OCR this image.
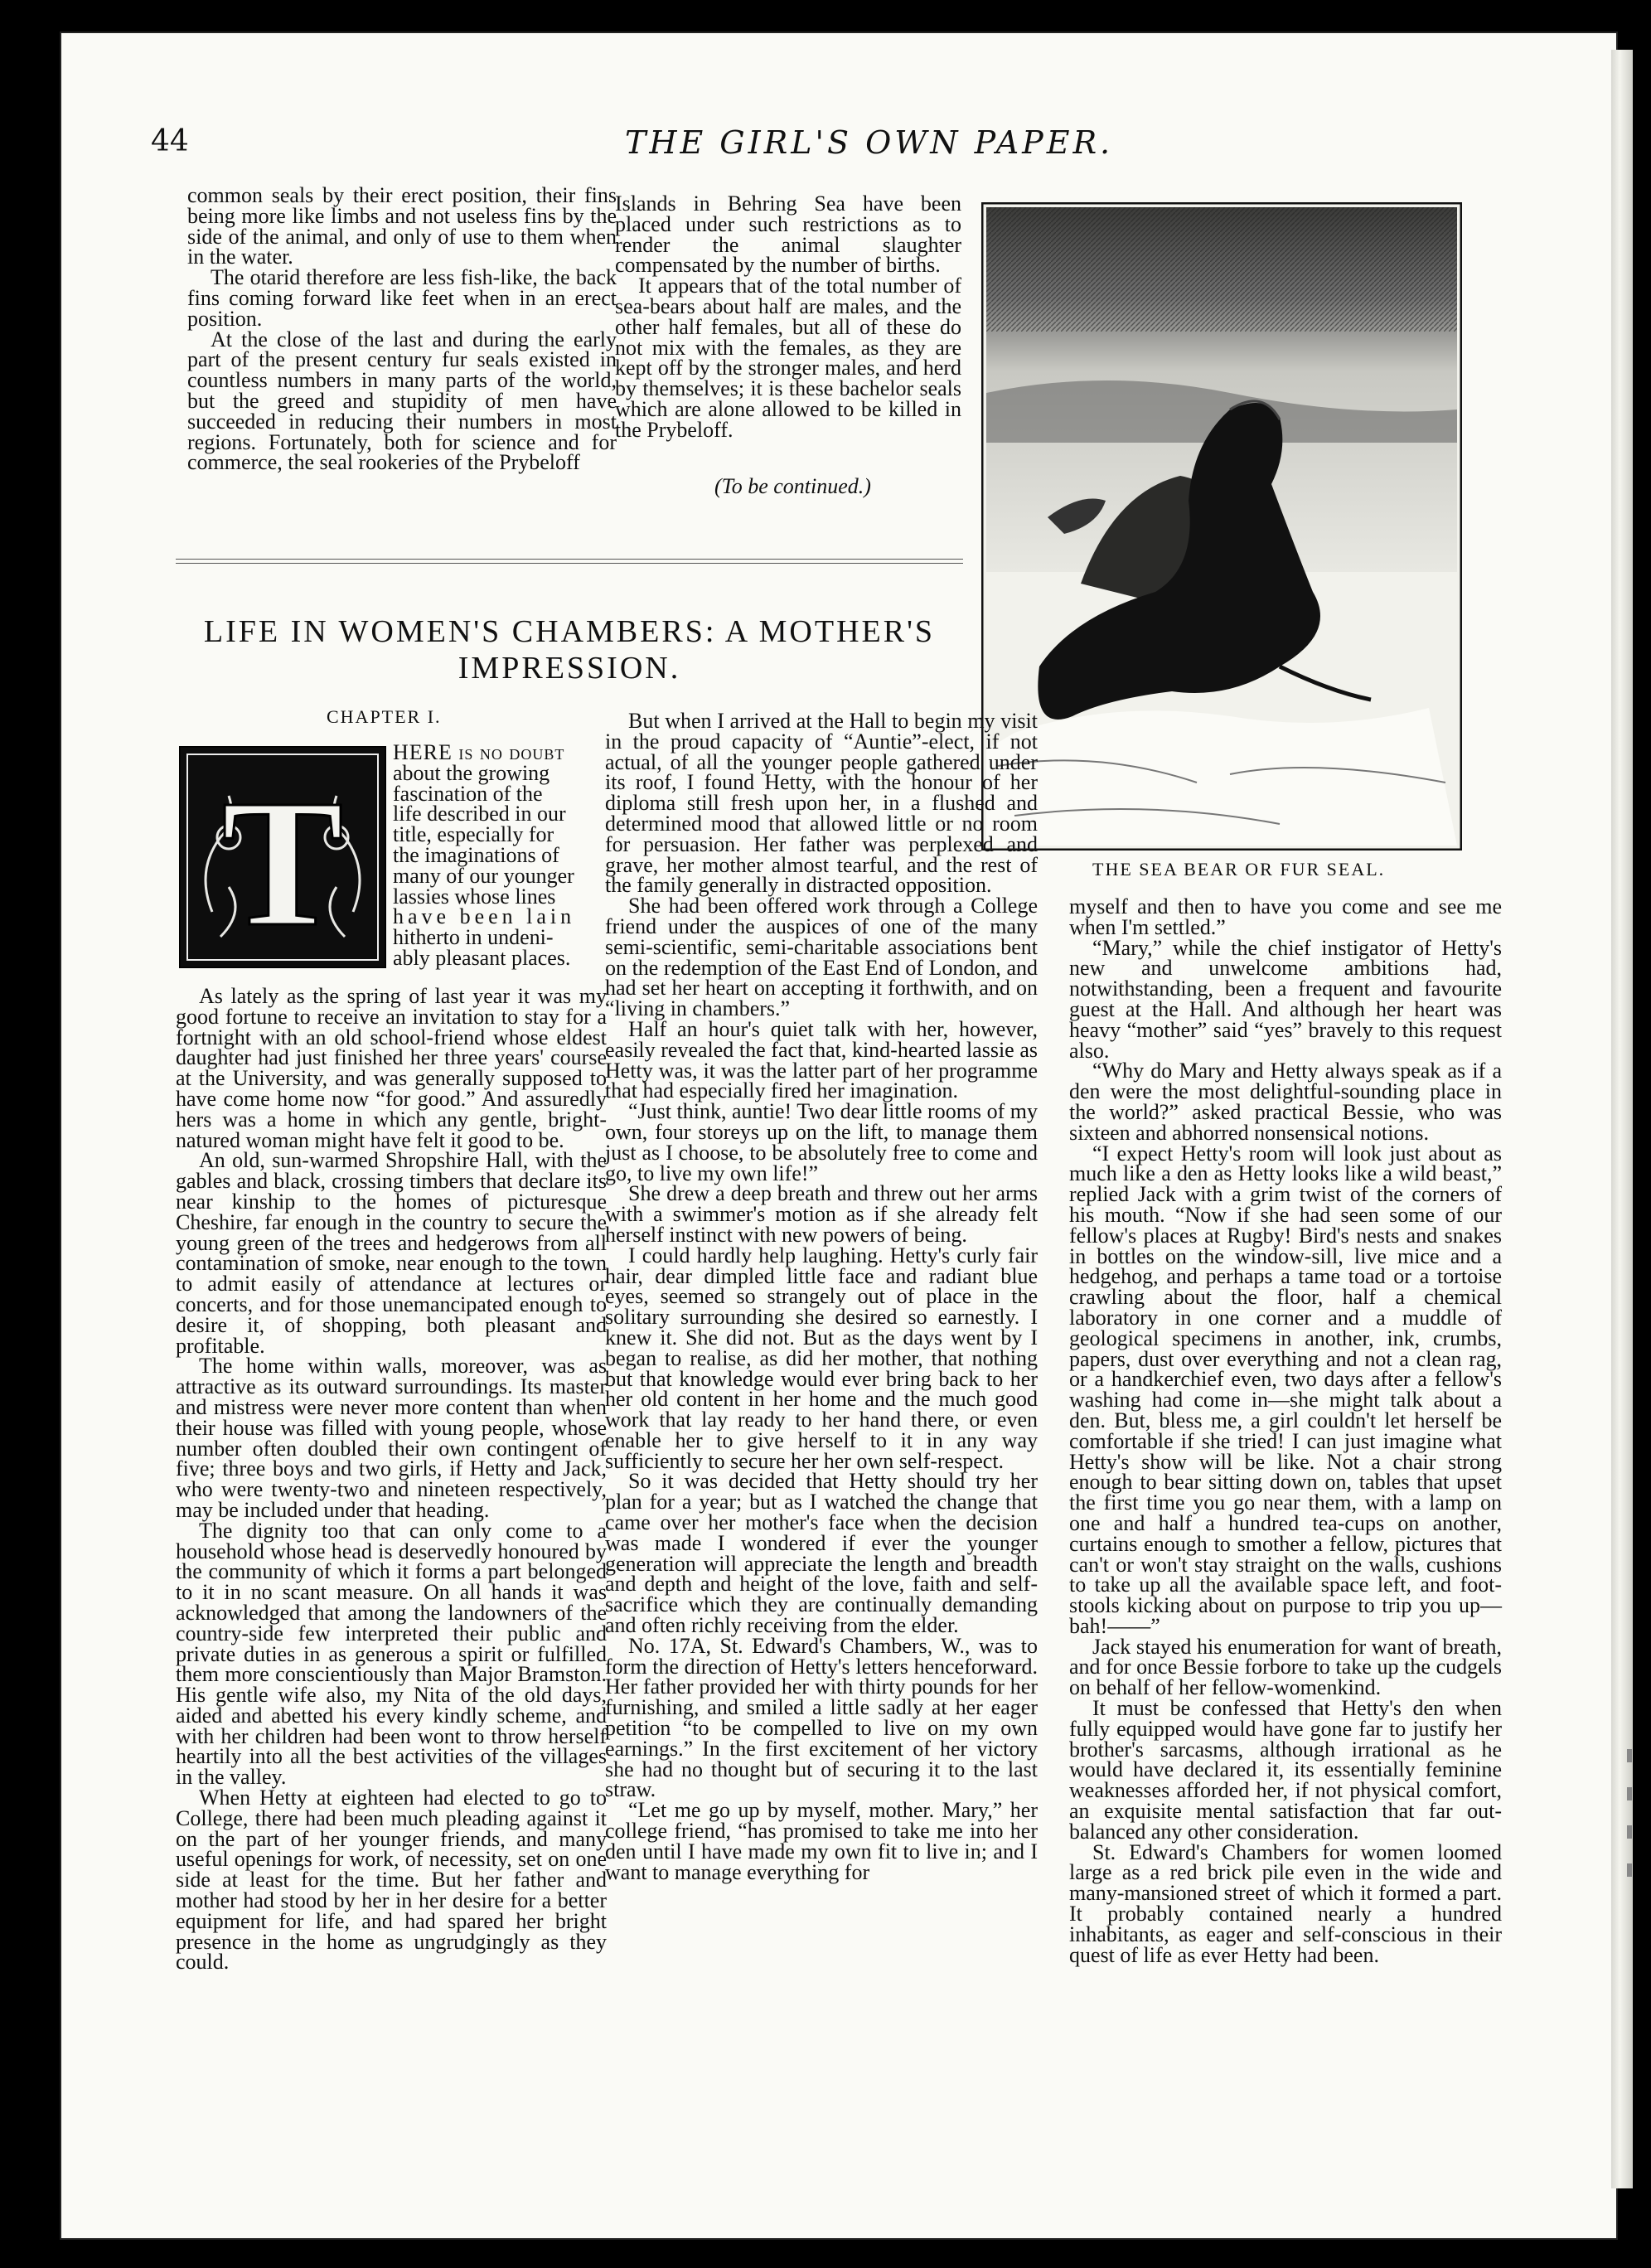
44	THE GIRL'S OWN PAPER.

common seals by their erect position, their fins being more like limbs and not useless fins by the side of the animal, and only of use to them when in the water.

The otarid therefore are less fish-like, the back fins coming forward like feet when in an erect position.

At the close of the last and during the early part of the present century fur seals existed in countless numbers in many parts of the world, but the greed and stupidity of men have succeeded in reducing their numbers in most regions. Fortunately, both for science and for commerce, the seal rookeries of the Prybeloff

Islands in Behring Sea have been placed under such restrictions as to render the animal slaughter compensated by the number of births.

It appears that of the total number of sea-bears about half are males, and the other half females, but all of these do not mix with the females, as they are kept off by the stronger males, and herd by themselves; it is these bachelor seals which are alone allowed to be killed in the Prybeloff.

(To be continued.)
THE SEA BEAR OR FUR SEAL.
LIFE IN WOMEN'S CHAMBERS: A MOTHER'S IMPRESSION.
CHAPTER I.
T
HERE is no doubt
about the growing
fascination of the
life described in our
title, especially for
the imaginations of
many of our younger
lassies whose lines
have been lain
hitherto in undeni-
ably pleasant places.

As lately as the spring of last year it was my good fortune to receive an invitation to stay for a fortnight with an old school-friend whose eldest daughter had just finished her three years' course at the University, and was generally supposed to have come home now “for good.” And assuredly hers was a home in which any gentle, bright-natured woman might have felt it good to be.

An old, sun-warmed Shropshire Hall, with the gables and black, crossing timbers that declare its near kinship to the homes of picturesque Cheshire, far enough in the country to secure the young green of the trees and hedgerows from all contamination of smoke, near enough to the town to admit easily of attendance at lectures or concerts, and for those unemancipated enough to desire it, of shopping, both pleasant and profitable.

The home within walls, moreover, was as attractive as its outward surroundings. Its master and mistress were never more content than when their house was filled with young people, whose number often doubled their own contingent of five; three boys and two girls, if Hetty and Jack, who were twenty-two and nineteen respectively, may be included under that heading.

The dignity too that can only come to a household whose head is deservedly honoured by the community of which it forms a part belonged to it in no scant measure. On all hands it was acknowledged that among the landowners of the country-side few interpreted their public and private duties in as generous a spirit or fulfilled them more conscientiously than Major Bramston. His gentle wife also, my Nita of the old days, aided and abetted his every kindly scheme, and with her children had been wont to throw herself heartily into all the best activities of the villages in the valley.

When Hetty at eighteen had elected to go to College, there had been much pleading against it on the part of her younger friends, and many useful openings for work, of necessity, set on one side at least for the time. But her father and mother had stood by her in her desire for a better equipment for life, and had spared her bright presence in the home as ungrudgingly as they could.

But when I arrived at the Hall to begin my visit in the proud capacity of “Auntie”-elect, if not actual, of all the younger people gathered under its roof, I found Hetty, with the honour of her diploma still fresh upon her, in a flushed and determined mood that allowed little or no room for persuasion. Her father was perplexed and grave, her mother almost tearful, and the rest of the family generally in distracted opposition.

She had been offered work through a College friend under the auspices of one of the many semi-scientific, semi-charitable associations bent on the redemption of the East End of London, and had set her heart on accepting it forthwith, and on “living in chambers.”

Half an hour's quiet talk with her, however, easily revealed the fact that, kind-hearted lassie as Hetty was, it was the latter part of her programme that had especially fired her imagination.

“Just think, auntie! Two dear little rooms of my own, four storeys up on the lift, to manage them just as I choose, to be absolutely free to come and go, to live my own life!”

She drew a deep breath and threw out her arms with a swimmer's motion as if she already felt herself instinct with new powers of being.

I could hardly help laughing. Hetty's curly fair hair, dear dimpled little face and radiant blue eyes, seemed so strangely out of place in the solitary surrounding she desired so earnestly. I knew it. She did not. But as the days went by I began to realise, as did her mother, that nothing but that knowledge would ever bring back to her her old content in her home and the much good work that lay ready to her hand there, or even enable her to give herself to it in any way sufficiently to secure her her own self-respect.

So it was decided that Hetty should try her plan for a year; but as I watched the change that came over her mother's face when the decision was made I wondered if ever the younger generation will appreciate the length and breadth and depth and height of the love, faith and self-sacrifice which they are continually demanding and often richly receiving from the elder.

No. 17A, St. Edward's Chambers, W., was to form the direction of Hetty's letters henceforward. Her father provided her with thirty pounds for her furnishing, and smiled a little sadly at her eager petition “to be compelled to live on my own earnings.” In the first excitement of her victory she had no thought but of securing it to the last straw.

“Let me go up by myself, mother. Mary,” her college friend, “has promised to take me into her den until I have made my own fit to live in; and I want to manage everything for

myself and then to have you come and see me when I'm settled.”

“Mary,” while the chief instigator of Hetty's new and unwelcome ambitions had, notwithstanding, been a frequent and favourite guest at the Hall. And although her heart was heavy “mother” said “yes” bravely to this request also.

“Why do Mary and Hetty always speak as if a den were the most delightful-sounding place in the world?” asked practical Bessie, who was sixteen and abhorred nonsensical notions.

“I expect Hetty's room will look just about as much like a den as Hetty looks like a wild beast,” replied Jack with a grim twist of the corners of his mouth. “Now if she had seen some of our fellow's places at Rugby! Bird's nests and snakes in bottles on the window-sill, live mice and a hedgehog, and perhaps a tame toad or a tortoise crawling about the floor, half a chemical laboratory in one corner and a muddle of geological specimens in another, ink, crumbs, papers, dust over everything and not a clean rag, or a handkerchief even, two days after a fellow's washing had come in—she might talk about a den. But, bless me, a girl couldn't let herself be comfortable if she tried! I can just imagine what Hetty's show will be like. Not a chair strong enough to bear sitting down on, tables that upset the first time you go near them, with a lamp on one and half a hundred tea-cups on another, curtains enough to smother a fellow, pictures that can't or won't stay straight on the walls, cushions to take up all the available space left, and foot-stools kicking about on purpose to trip you up—bah!——”

Jack stayed his enumeration for want of breath, and for once Bessie forbore to take up the cudgels on behalf of her fellow-womenkind.

It must be confessed that Hetty's den when fully equipped would have gone far to justify her brother's sarcasms, although irrational as he would have declared it, its essentially feminine weaknesses afforded her, if not physical comfort, an exquisite mental satisfaction that far out-balanced any other consideration.

St. Edward's Chambers for women loomed large as a red brick pile even in the wide and many-mansioned street of which it formed a part. It probably contained nearly a hundred inhabitants, as eager and self-conscious in their quest of life as ever Hetty had been.
